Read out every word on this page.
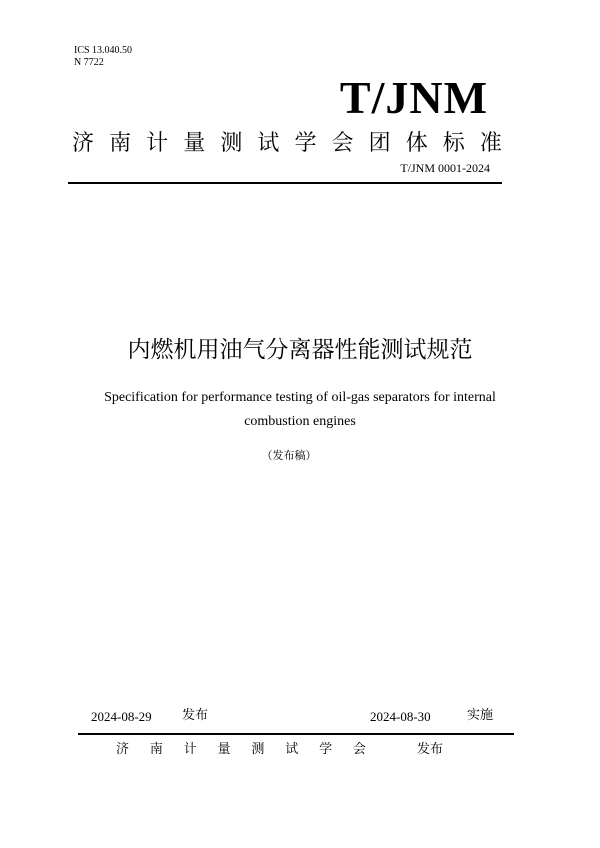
ICS 13.040.50
N 7722
T/JNM
济 南 计 量 测 试 学 会 团 体 标 准
T/JNM 0001-2024
内燃机用油气分离器性能测试规范
Specification for performance testing of oil-gas separators for internal combustion engines
（发布稿）
2024-08-29 发布	2024-08-30	实施
济 南 计 量 测 试 学 会	发布
